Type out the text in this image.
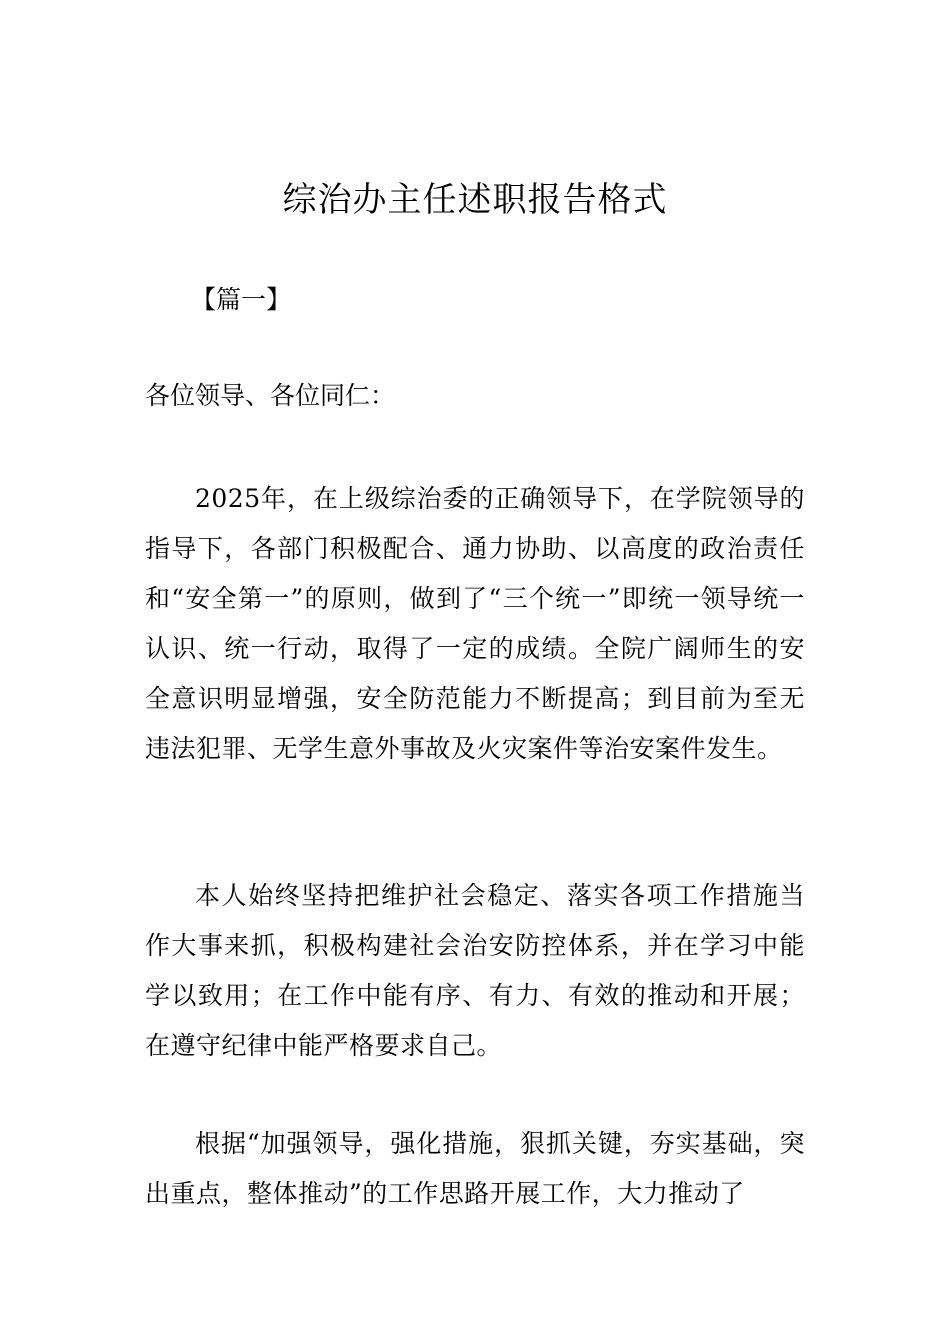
综治办主任述职报告格式
【篇一】
各位领导、各位同仁：

2025年，在上级综治委的正确领导下，在学院领导的指导下，各部门积极配合、通力协助、以高度的政治责任和“安全第一”的原则，做到了“三个统一”即统一领导统一认识、统一行动，取得了一定的成绩。全院广阔师生的安全意识明显增强，安全防范能力不断提高；到目前为至无违法犯罪、无学生意外事故及火灾案件等治安案件发生。

本人始终坚持把维护社会稳定、落实各项工作措施当作大事来抓，积极构建社会治安防控体系，并在学习中能学以致用；在工作中能有序、有力、有效的推动和开展；在遵守纪律中能严格要求自己。

根据“加强领导，强化措施，狠抓关键，夯实基础，突出重点，整体推动”的工作思路开展工作，大力推动了
